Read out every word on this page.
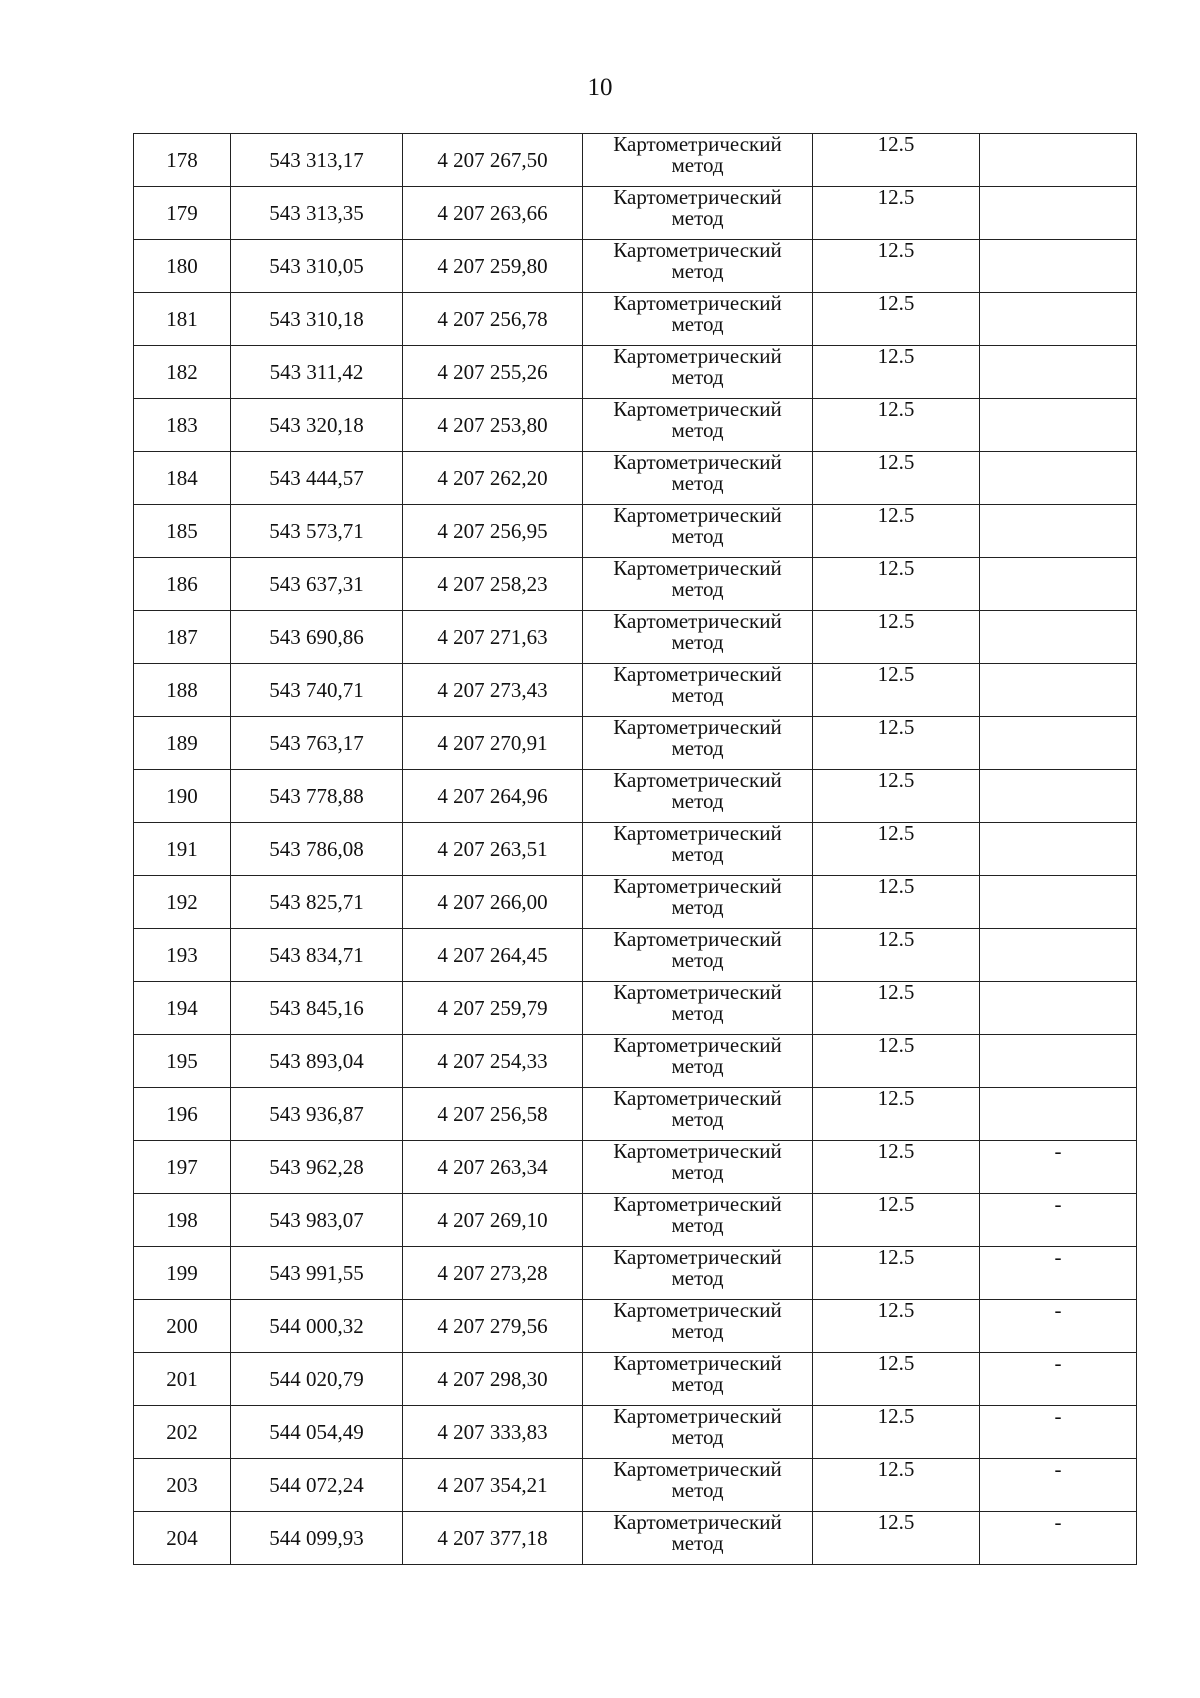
10
178	543 313,17	4 207 267,50	Картометрический
метод	12.5	
179	543 313,35	4 207 263,66	Картометрический
метод	12.5	
180	543 310,05	4 207 259,80	Картометрический
метод	12.5	
181	543 310,18	4 207 256,78	Картометрический
метод	12.5	
182	543 311,42	4 207 255,26	Картометрический
метод	12.5	
183	543 320,18	4 207 253,80	Картометрический
метод	12.5	
184	543 444,57	4 207 262,20	Картометрический
метод	12.5	
185	543 573,71	4 207 256,95	Картометрический
метод	12.5	
186	543 637,31	4 207 258,23	Картометрический
метод	12.5	
187	543 690,86	4 207 271,63	Картометрический
метод	12.5	
188	543 740,71	4 207 273,43	Картометрический
метод	12.5	
189	543 763,17	4 207 270,91	Картометрический
метод	12.5	
190	543 778,88	4 207 264,96	Картометрический
метод	12.5	
191	543 786,08	4 207 263,51	Картометрический
метод	12.5	
192	543 825,71	4 207 266,00	Картометрический
метод	12.5	
193	543 834,71	4 207 264,45	Картометрический
метод	12.5	
194	543 845,16	4 207 259,79	Картометрический
метод	12.5	
195	543 893,04	4 207 254,33	Картометрический
метод	12.5	
196	543 936,87	4 207 256,58	Картометрический
метод	12.5	
197	543 962,28	4 207 263,34	Картометрический
метод	12.5	-
198	543 983,07	4 207 269,10	Картометрический
метод	12.5	-
199	543 991,55	4 207 273,28	Картометрический
метод	12.5	-
200	544 000,32	4 207 279,56	Картометрический
метод	12.5	-
201	544 020,79	4 207 298,30	Картометрический
метод	12.5	-
202	544 054,49	4 207 333,83	Картометрический
метод	12.5	-
203	544 072,24	4 207 354,21	Картометрический
метод	12.5	-
204	544 099,93	4 207 377,18	Картометрический
метод	12.5	-
